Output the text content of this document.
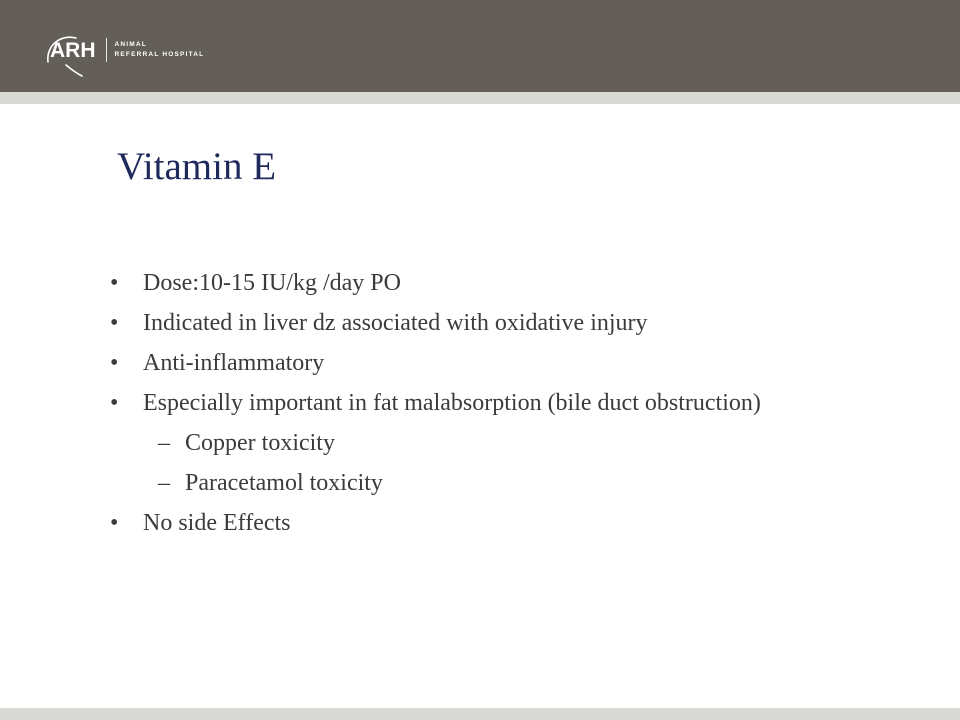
ARH	ANIMAL
REFERRAL HOSPITAL
Vitamin E
• Dose:10-15 IU/kg /day PO
• Indicated in liver dz associated with oxidative injury
• Anti-inflammatory
• Especially important in fat malabsorption (bile duct obstruction)
– Copper toxicity
– Paracetamol toxicity
• No side Effects
